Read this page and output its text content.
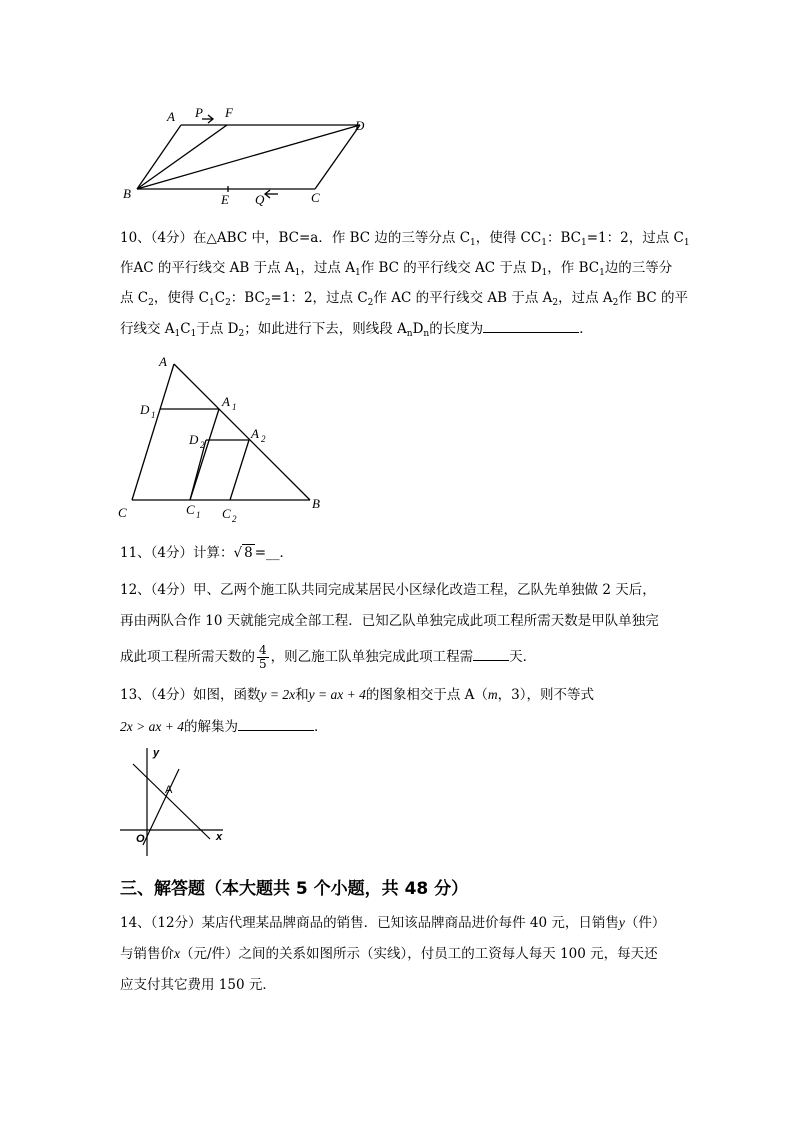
A P F
D
B	E Q	C
10、（4分）在△ABC 中，BC=a．作 BC 边的三等分点 $C_1$，使得 $CC_1$：$BC_1=1$：2，过点 $C_1$
作AC 的平行线交 AB 于点 $A_1$，过点 $A_1$作 BC 的平行线交 AC 于点 $D_1$，作 $BC_1$边的三等分
点 $C_2$，使得 $C_1C_2$：$BC_2=1$：2，过点 $C_2$作 AC 的平行线交 AB 于点 $A_2$，过点 $A_2$作 BC 的平
行线交 $A_1C_1$于点 $D_2$；如此进行下去，则线段 $A_nD_n$的长度为	．
A
D 1
A 1
D 2
A 2
C	C 1 C 2
B
11、（4分）计算：√ 8 =__．
12、（4分）甲、乙两个施工队共同完成某居民小区绿化改造工程，乙队先单独做 2 天后，
再由两队合作 10 天就能完成全部工程．已知乙队单独完成此项工程所需天数是甲队单独完
成此项工程所需天数的 $\frac{4}{5}$ ，则乙施工队单独完成此项工程需	天．
13、（4分）如图，函数y = 2x和y = ax + 4的图象相交于点 A（m，3），则不等式
2x > ax + 4的解集为	．
y
A
O	x
三、解答题（本大题共 5 个小题，共 48 分）
14、（12分）某店代理某品牌商品的销售．已知该品牌商品进价每件 40 元，日销售y（件）
与销售价x（元/件）之间的关系如图所示（实线），付员工的工资每人每天 100 元，每天还
应支付其它费用 150 元．
